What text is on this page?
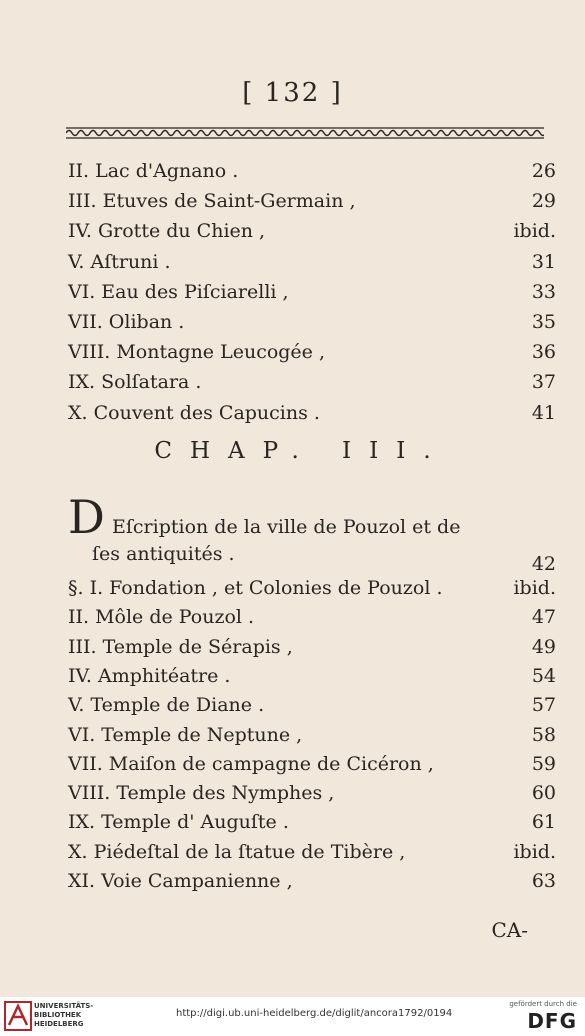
[ 132 ]
II. Lac d'Agnano .	26
III. Etuves de Saint-Germain ,	29
IV. Grotte du Chien ,	ibid.
V. Aſtruni .	31
VI. Eau des Piſciarelli ,	33
VII. Oliban .	35
VIII. Montagne Leucogée ,	36
IX. Solſatara .	37
X. Couvent des Capucins .	41
CHAP. III.
D Eſcription de la ville de Pouzol et de
ſes antiquités .	42
§. I. Fondation , et Colonies de Pouzol .	ibid.
II. Môle de Pouzol .	47
III. Temple de Sérapis ,	49
IV. Amphitéatre .	54
V. Temple de Diane .	57
VI. Temple de Neptune ,	58
VII. Maiſon de campagne de Cicéron ,	59
VIII. Temple des Nymphes ,	60
IX. Temple d' Auguſte .	61
X. Piédeſtal de la ſtatue de Tibère ,	ibid.
XI. Voie Campanienne ,	63
CA-
UNIVERSITÄTS-
BIBLIOTHEK
HEIDELBERG
http://digi.ub.uni-heidelberg.de/diglit/ancora1792/0194
gefördert durch die
DFG
